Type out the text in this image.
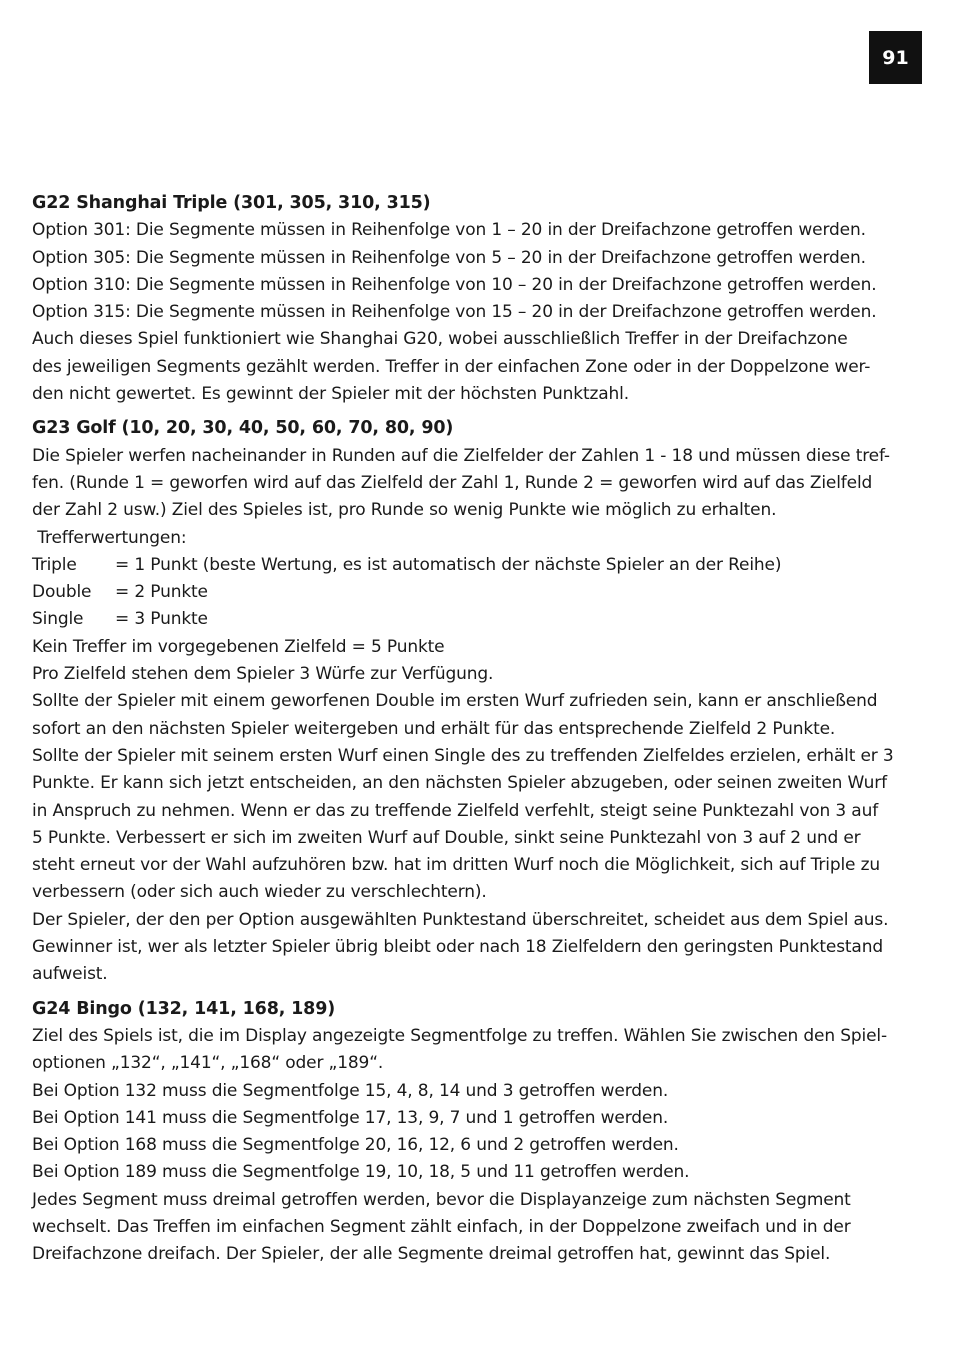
91
G22 Shanghai Triple (301, 305, 310, 315)

Option 301: Die Segmente müssen in Reihenfolge von 1 – 20 in der Dreifachzone getroffen werden.

Option 305: Die Segmente müssen in Reihenfolge von 5 – 20 in der Dreifachzone getroffen werden.

Option 310: Die Segmente müssen in Reihenfolge von 10 – 20 in der Dreifachzone getroffen werden.

Option 315: Die Segmente müssen in Reihenfolge von 15 – 20 in der Dreifachzone getroffen werden.

Auch dieses Spiel funktioniert wie Shanghai G20, wobei ausschließlich Treffer in der Dreifachzone

des jeweiligen Segments gezählt werden. Treffer in der einfachen Zone oder in der Doppelzone wer-

den nicht gewertet. Es gewinnt der Spieler mit der höchsten Punktzahl.

G23 Golf (10, 20, 30, 40, 50, 60, 70, 80, 90)

Die Spieler werfen nacheinander in Runden auf die Zielfelder der Zahlen 1 - 18 und müssen diese tref-

fen. (Runde 1 = geworfen wird auf das Zielfeld der Zahl 1, Runde 2 = geworfen wird auf das Zielfeld

der Zahl 2 usw.) Ziel des Spieles ist, pro Runde so wenig Punkte wie möglich zu erhalten.

Trefferwertungen:

Triple = 1 Punkt (beste Wertung, es ist automatisch der nächste Spieler an der Reihe)

Double = 2 Punkte

Single = 3 Punkte

Kein Treffer im vorgegebenen Zielfeld = 5 Punkte

Pro Zielfeld stehen dem Spieler 3 Würfe zur Verfügung.

Sollte der Spieler mit einem geworfenen Double im ersten Wurf zufrieden sein, kann er anschließend

sofort an den nächsten Spieler weitergeben und erhält für das entsprechende Zielfeld 2 Punkte.

Sollte der Spieler mit seinem ersten Wurf einen Single des zu treffenden Zielfeldes erzielen, erhält er 3

Punkte. Er kann sich jetzt entscheiden, an den nächsten Spieler abzugeben, oder seinen zweiten Wurf

in Anspruch zu nehmen. Wenn er das zu treffende Zielfeld verfehlt, steigt seine Punktezahl von 3 auf

5 Punkte. Verbessert er sich im zweiten Wurf auf Double, sinkt seine Punktezahl von 3 auf 2 und er

steht erneut vor der Wahl aufzuhören bzw. hat im dritten Wurf noch die Möglichkeit, sich auf Triple zu

verbessern (oder sich auch wieder zu verschlechtern).

Der Spieler, der den per Option ausgewählten Punktestand überschreitet, scheidet aus dem Spiel aus.

Gewinner ist, wer als letzter Spieler übrig bleibt oder nach 18 Zielfeldern den geringsten Punktestand

aufweist.

G24 Bingo (132, 141, 168, 189)

Ziel des Spiels ist, die im Display angezeigte Segmentfolge zu treffen. Wählen Sie zwischen den Spiel-

optionen „132“, „141“, „168“ oder „189“.

Bei Option 132 muss die Segmentfolge 15, 4, 8, 14 und 3 getroffen werden.

Bei Option 141 muss die Segmentfolge 17, 13, 9, 7 und 1 getroffen werden.

Bei Option 168 muss die Segmentfolge 20, 16, 12, 6 und 2 getroffen werden.

Bei Option 189 muss die Segmentfolge 19, 10, 18, 5 und 11 getroffen werden.

Jedes Segment muss dreimal getroffen werden, bevor die Displayanzeige zum nächsten Segment

wechselt. Das Treffen im einfachen Segment zählt einfach, in der Doppelzone zweifach und in der

Dreifachzone dreifach. Der Spieler, der alle Segmente dreimal getroffen hat, gewinnt das Spiel.
